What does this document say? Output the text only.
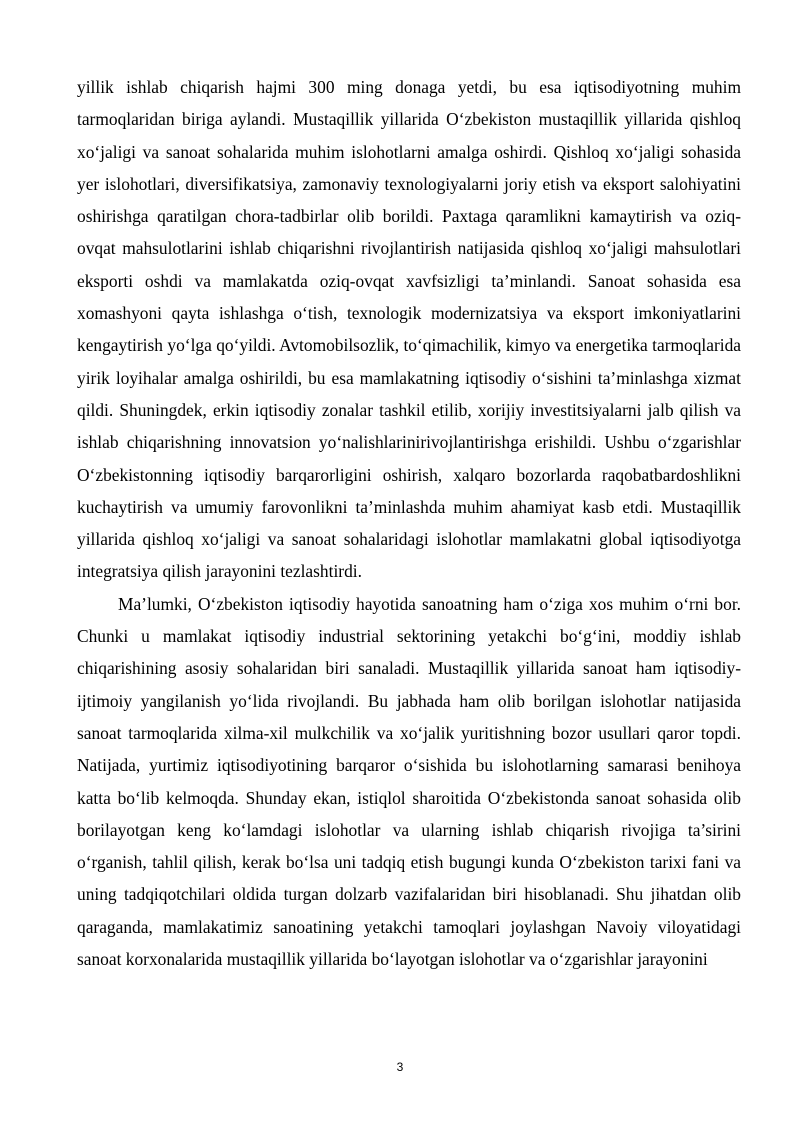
yillik ishlab chiqarish hajmi 300 ming donaga yetdi, bu esa iqtisodiyotning muhim tarmoqlaridan biriga aylandi. Mustaqillik yillarida O‘zbekiston mustaqillik yillarida qishloq xo‘jaligi va sanoat sohalarida muhim islohotlarni amalga oshirdi. Qishloq xo‘jaligi sohasida yer islohotlari, diversifikatsiya, zamonaviy texnologiyalarni joriy etish va eksport salohiyatini oshirishga qaratilgan chora-tadbirlar olib borildi. Paxtaga qaramlikni kamaytirish va oziq-ovqat mahsulotlarini ishlab chiqarishni rivojlantirish natijasida qishloq xo‘jaligi mahsulotlari eksporti oshdi va mamlakatda oziq-ovqat xavfsizligi ta’minlandi. Sanoat sohasida esa xomashyoni qayta ishlashga o‘tish, texnologik modernizatsiya va eksport imkoniyatlarini kengaytirish yo‘lga qo‘yildi. Avtomobilsozlik, to‘qimachilik, kimyo va energetika tarmoqlarida yirik loyihalar amalga oshirildi, bu esa mamlakatning iqtisodiy o‘sishini ta’minlashga xizmat qildi. Shuningdek, erkin iqtisodiy zonalar tashkil etilib, xorijiy investitsiyalarni jalb qilish va ishlab chiqarishning innovatsion yo‘nalishlarinirivojlantirishga erishildi. Ushbu o‘zgarishlar O‘zbekistonning iqtisodiy barqarorligini oshirish, xalqaro bozorlarda raqobatbardoshlikni kuchaytirish va umumiy farovonlikni ta’minlashda muhim ahamiyat kasb etdi. Mustaqillik yillarida qishloq xo‘jaligi va sanoat sohalaridagi islohotlar mamlakatni global iqtisodiyotga integratsiya qilish jarayonini tezlashtirdi.

Ma’lumki, O‘zbekiston iqtisodiy hayotida sanoatning ham o‘ziga xos muhim o‘rni bor. Chunki u mamlakat iqtisodiy industrial sektorining yetakchi bo‘g‘ini, moddiy ishlab chiqarishining asosiy sohalaridan biri sanaladi. Mustaqillik yillarida sanoat ham iqtisodiy-ijtimoiy yangilanish yo‘lida rivojlandi. Bu jabhada ham olib borilgan islohotlar natijasida sanoat tarmoqlarida xilma-xil mulkchilik va xo‘jalik yuritishning bozor usullari qaror topdi. Natijada, yurtimiz iqtisodiyotining barqaror o‘sishida bu islohotlarning samarasi benihoya katta bo‘lib kelmoqda. Shunday ekan, istiqlol sharoitida O‘zbekistonda sanoat sohasida olib borilayotgan keng ko‘lamdagi islohotlar va ularning ishlab chiqarish rivojiga ta’sirini o‘rganish, tahlil qilish, kerak bo‘lsa uni tadqiq etish bugungi kunda O‘zbekiston tarixi fani va uning tadqiqotchilari oldida turgan dolzarb vazifalaridan biri hisoblanadi. Shu jihatdan olib qaraganda, mamlakatimiz sanoatining yetakchi tamoqlari joylashgan Navoiy viloyatidagi sanoat korxonalarida mustaqillik yillarida bo‘layotgan islohotlar va o‘zgarishlar jarayonini

3
